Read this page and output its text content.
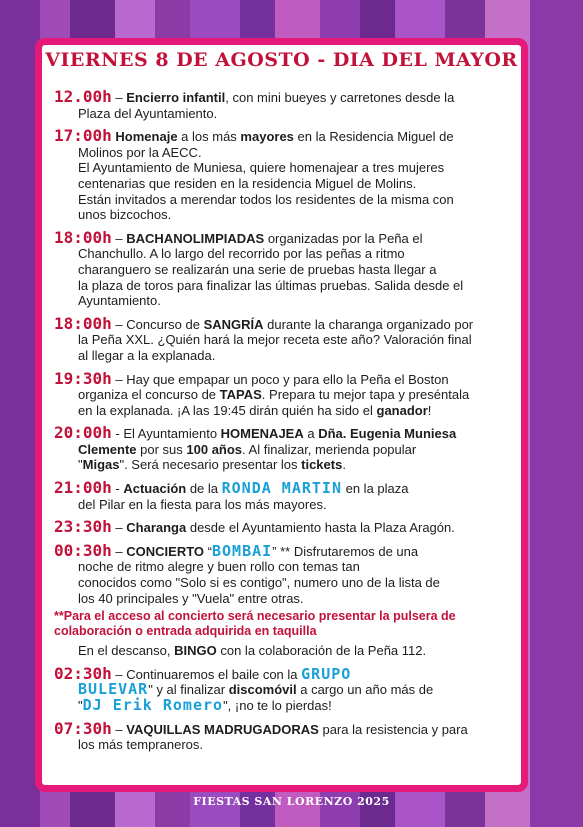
VIERNES 8 DE AGOSTO - DIA DEL MAYOR
12.00h – Encierro infantil, con mini bueyes y carretones desde la
Plaza del Ayuntamiento.
17:00h Homenaje a los más mayores en la Residencia Miguel de
Molinos por la AECC.
El Ayuntamiento de Muniesa, quiere homenajear a tres mujeres
centenarias que residen en la residencia Miguel de Molins.
Están invitados a merendar todos los residentes de la misma con
unos bizcochos.
18:00h – BACHANOLIMPIADAS organizadas por la Peña el
Chanchullo. A lo largo del recorrido por las peñas a ritmo
charanguero se realizarán una serie de pruebas hasta llegar a
la plaza de toros para finalizar las últimas pruebas. Salida desde el
Ayuntamiento.
18:00h – Concurso de SANGRÍA durante la charanga organizado por
la Peña XXL. ¿Quién hará la mejor receta este año? Valoración final
al llegar a la explanada.
19:30h – Hay que empapar un poco y para ello la Peña el Boston
organiza el concurso de TAPAS. Prepara tu mejor tapa y preséntala
en la explanada. ¡A las 19:45 dirán quién ha sido el ganador!
20:00h - El Ayuntamiento HOMENAJEA a Dña. Eugenia Muniesa
Clemente por sus 100 años. Al finalizar, merienda popular
"Migas". Será necesario presentar los tickets.
21:00h - Actuación de la RONDA MARTIN en la plaza
del Pilar en la fiesta para los más mayores.
23:30h – Charanga desde el Ayuntamiento hasta la Plaza Aragón.
00:30h – CONCIERTO “BOMBAI” ** Disfrutaremos de una
noche de ritmo alegre y buen rollo con temas tan
conocidos como "Solo si es contigo", numero uno de la lista de
los 40 principales y "Vuela" entre otras.
**Para el acceso al concierto será necesario presentar la pulsera de
colaboración o entrada adquirida en taquilla
En el descanso, BINGO con la colaboración de la Peña 112.
02:30h – Continuaremos el baile con la GRUPO
BULEVAR" y al finalizar discomóvil a cargo un año más de
"DJ Erik Romero", ¡no te lo pierdas!
07:30h – VAQUILLAS MADRUGADORAS para la resistencia y para
los más tempraneros.
FIESTAS SAN LORENZO 2025
